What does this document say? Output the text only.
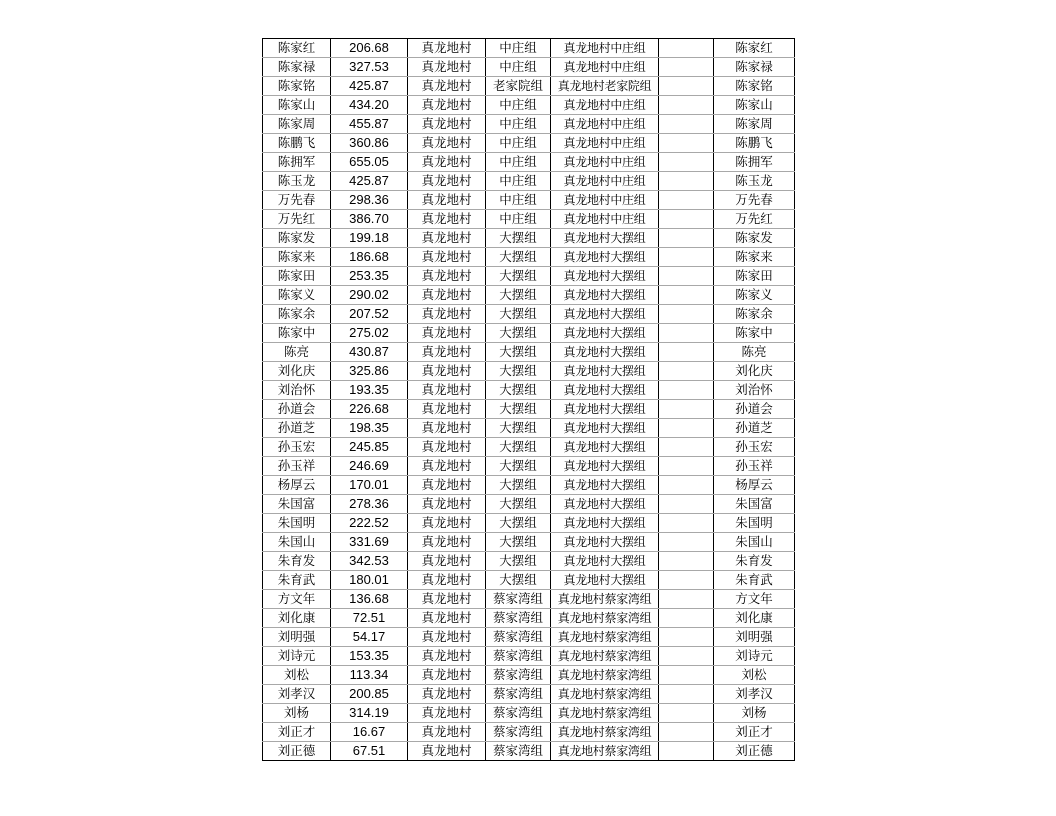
陈家红	206.68	真龙地村	中庄组	真龙地村中庄组		陈家红
陈家禄	327.53	真龙地村	中庄组	真龙地村中庄组		陈家禄
陈家铭	425.87	真龙地村	老家院组	真龙地村老家院组		陈家铭
陈家山	434.20	真龙地村	中庄组	真龙地村中庄组		陈家山
陈家周	455.87	真龙地村	中庄组	真龙地村中庄组		陈家周
陈鹏飞	360.86	真龙地村	中庄组	真龙地村中庄组		陈鹏飞
陈拥军	655.05	真龙地村	中庄组	真龙地村中庄组		陈拥军
陈玉龙	425.87	真龙地村	中庄组	真龙地村中庄组		陈玉龙
万先春	298.36	真龙地村	中庄组	真龙地村中庄组		万先春
万先红	386.70	真龙地村	中庄组	真龙地村中庄组		万先红
陈家发	199.18	真龙地村	大摆组	真龙地村大摆组		陈家发
陈家来	186.68	真龙地村	大摆组	真龙地村大摆组		陈家来
陈家田	253.35	真龙地村	大摆组	真龙地村大摆组		陈家田
陈家义	290.02	真龙地村	大摆组	真龙地村大摆组		陈家义
陈家余	207.52	真龙地村	大摆组	真龙地村大摆组		陈家余
陈家中	275.02	真龙地村	大摆组	真龙地村大摆组		陈家中
陈亮	430.87	真龙地村	大摆组	真龙地村大摆组		陈亮
刘化庆	325.86	真龙地村	大摆组	真龙地村大摆组		刘化庆
刘治怀	193.35	真龙地村	大摆组	真龙地村大摆组		刘治怀
孙道会	226.68	真龙地村	大摆组	真龙地村大摆组		孙道会
孙道芝	198.35	真龙地村	大摆组	真龙地村大摆组		孙道芝
孙玉宏	245.85	真龙地村	大摆组	真龙地村大摆组		孙玉宏
孙玉祥	246.69	真龙地村	大摆组	真龙地村大摆组		孙玉祥
杨厚云	170.01	真龙地村	大摆组	真龙地村大摆组		杨厚云
朱国富	278.36	真龙地村	大摆组	真龙地村大摆组		朱国富
朱国明	222.52	真龙地村	大摆组	真龙地村大摆组		朱国明
朱国山	331.69	真龙地村	大摆组	真龙地村大摆组		朱国山
朱育发	342.53	真龙地村	大摆组	真龙地村大摆组		朱育发
朱育武	180.01	真龙地村	大摆组	真龙地村大摆组		朱育武
方文年	136.68	真龙地村	蔡家湾组	真龙地村蔡家湾组		方文年
刘化康	72.51	真龙地村	蔡家湾组	真龙地村蔡家湾组		刘化康
刘明强	54.17	真龙地村	蔡家湾组	真龙地村蔡家湾组		刘明强
刘诗元	153.35	真龙地村	蔡家湾组	真龙地村蔡家湾组		刘诗元
刘松	113.34	真龙地村	蔡家湾组	真龙地村蔡家湾组		刘松
刘孝汉	200.85	真龙地村	蔡家湾组	真龙地村蔡家湾组		刘孝汉
刘杨	314.19	真龙地村	蔡家湾组	真龙地村蔡家湾组		刘杨
刘正才	16.67	真龙地村	蔡家湾组	真龙地村蔡家湾组		刘正才
刘正德	67.51	真龙地村	蔡家湾组	真龙地村蔡家湾组		刘正德
